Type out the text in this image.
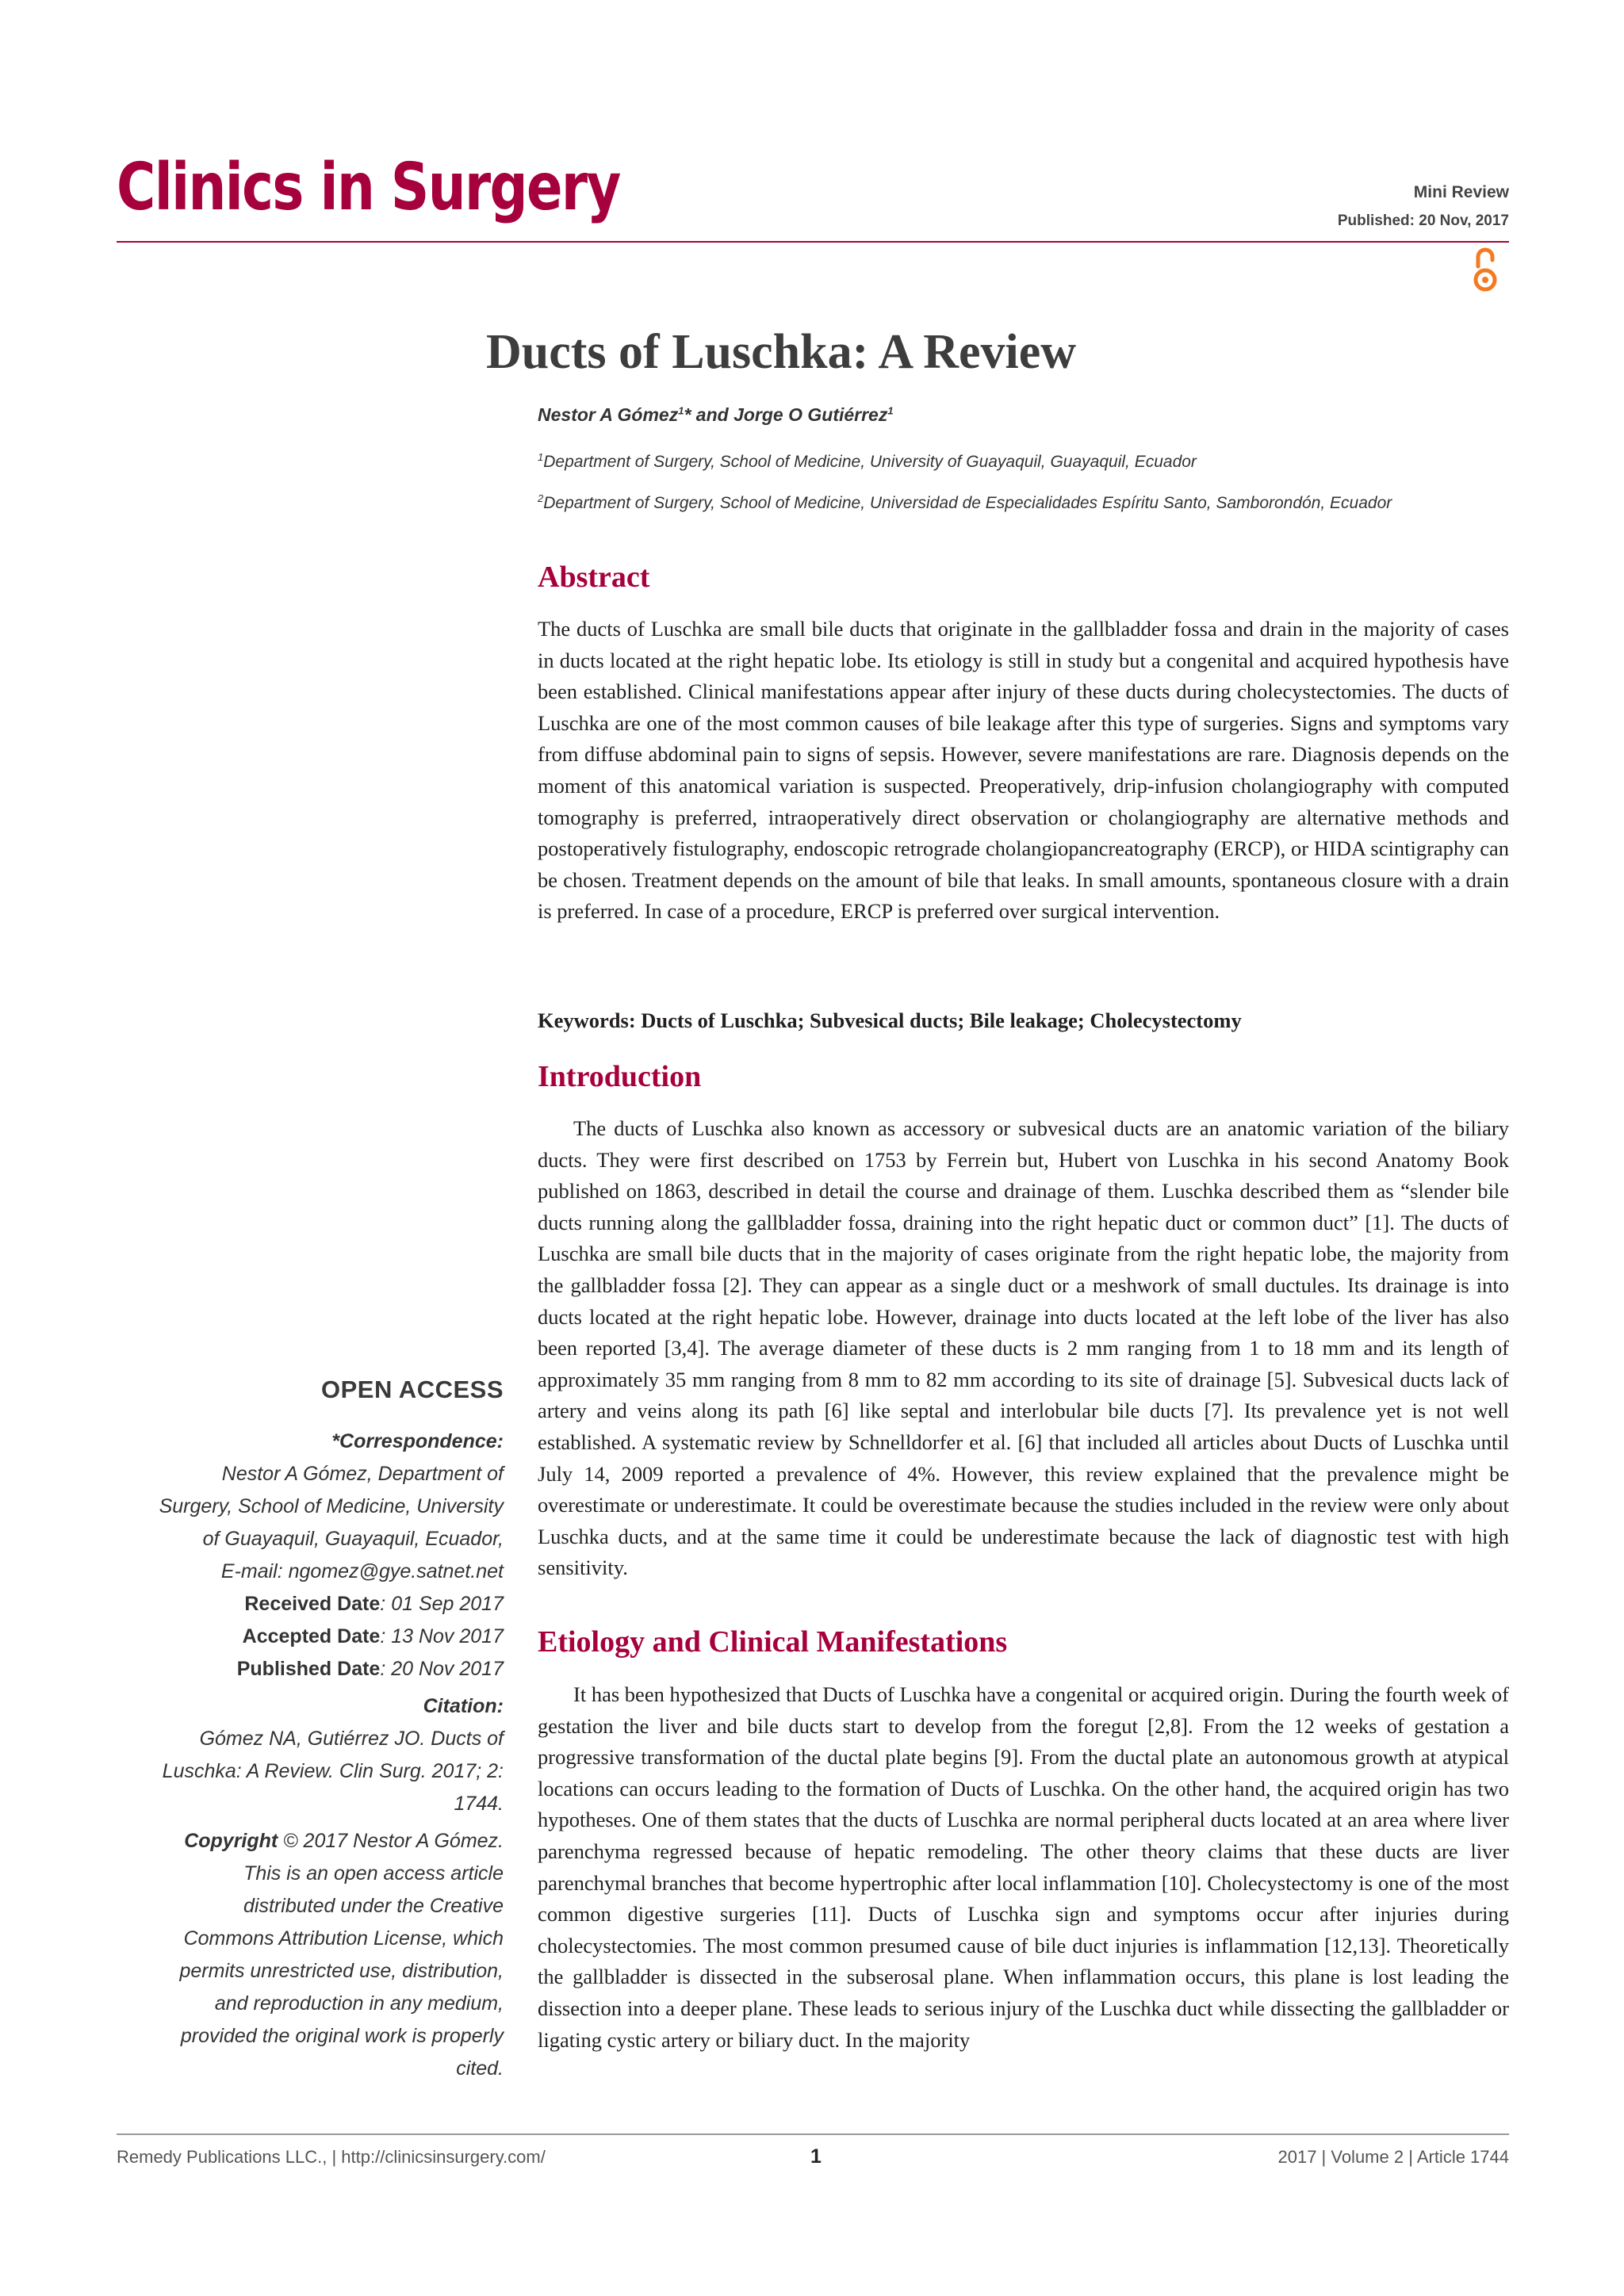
Clinics in Surgery	Mini Review
Published: 20 Nov, 2017
Ducts of Luschka: A Review
Nestor A Gómez$^1$* and Jorge O Gutiérrez$^1$
$^1$Department of Surgery, School of Medicine, University of Guayaquil, Guayaquil, Ecuador
$^2$Department of Surgery, School of Medicine, Universidad de Especialidades Espíritu Santo, Samborondón, Ecuador
Abstract

The ducts of Luschka are small bile ducts that originate in the gallbladder fossa and drain in the majority of cases in ducts located at the right hepatic lobe. Its etiology is still in study but a congenital and acquired hypothesis have been established. Clinical manifestations appear after injury of these ducts during cholecystectomies. The ducts of Luschka are one of the most common causes of bile leakage after this type of surgeries. Signs and symptoms vary from diffuse abdominal pain to signs of sepsis. However, severe manifestations are rare. Diagnosis depends on the moment of this anatomical variation is suspected. Preoperatively, drip-infusion cholangiography with computed tomography is preferred, intraoperatively direct observation or cholangiography are alternative methods and postoperatively fistulography, endoscopic retrograde cholangiopancreatography (ERCP), or HIDA scintigraphy can be chosen. Treatment depends on the amount of bile that leaks. In small amounts, spontaneous closure with a drain is preferred. In case of a procedure, ERCP is preferred over surgical intervention.

Keywords: Ducts of Luschka; Subvesical ducts; Bile leakage; Cholecystectomy
Introduction

The ducts of Luschka also known as accessory or subvesical ducts are an anatomic variation of the biliary ducts. They were first described on 1753 by Ferrein but, Hubert von Luschka in his second Anatomy Book published on 1863, described in detail the course and drainage of them. Luschka described them as “slender bile ducts running along the gallbladder fossa, draining into the right hepatic duct or common duct” [1]. The ducts of Luschka are small bile ducts that in the majority of cases originate from the right hepatic lobe, the majority from the gallbladder fossa [2]. They can appear as a single duct or a meshwork of small ductules. Its drainage is into ducts located at the right hepatic lobe. However, drainage into ducts located at the left lobe of the liver has also been reported [3,4]. The average diameter of these ducts is 2 mm ranging from 1 to 18 mm and its length of approximately 35 mm ranging from 8 mm to 82 mm according to its site of drainage [5]. Subvesical ducts lack of artery and veins along its path [6] like septal and interlobular bile ducts [7]. Its prevalence yet is not well established. A systematic review by Schnelldorfer et al. [6] that included all articles about Ducts of Luschka until July 14, 2009 reported a prevalence of 4%. However, this review explained that the prevalence might be overestimate or underestimate. It could be overestimate because the studies included in the review were only about Luschka ducts, and at the same time it could be underestimate because the lack of diagnostic test with high sensitivity.

Etiology and Clinical Manifestations

It has been hypothesized that Ducts of Luschka have a congenital or acquired origin. During the fourth week of gestation the liver and bile ducts start to develop from the foregut [2,8]. From the 12 weeks of gestation a progressive transformation of the ductal plate begins [9]. From the ductal plate an autonomous growth at atypical locations can occurs leading to the formation of Ducts of Luschka. On the other hand, the acquired origin has two hypotheses. One of them states that the ducts of Luschka are normal peripheral ducts located at an area where liver parenchyma regressed because of hepatic remodeling. The other theory claims that these ducts are liver parenchymal branches that become hypertrophic after local inflammation [10]. Cholecystectomy is one of the most common digestive surgeries [11]. Ducts of Luschka sign and symptoms occur after injuries during cholecystectomies. The most common presumed cause of bile duct injuries is inflammation [12,13]. Theoretically the gallbladder is dissected in the subserosal plane. When inflammation occurs, this plane is lost leading the dissection into a deeper plane. These leads to serious injury of the Luschka duct while dissecting the gallbladder or ligating cystic artery or biliary duct. In the majority

OPEN ACCESS
*Correspondence:
Nestor A Gómez, Department of
Surgery, School of Medicine, University
of Guayaquil, Guayaquil, Ecuador,
E-mail: ngomez@gye.satnet.net
Received Date: 01 Sep 2017
Accepted Date: 13 Nov 2017
Published Date: 20 Nov 2017
Citation:
Gómez NA, Gutiérrez JO. Ducts of
Luschka: A Review. Clin Surg. 2017; 2:
1744.
Copyright © 2017 Nestor A Gómez.
This is an open access article
distributed under the Creative
Commons Attribution License, which
permits unrestricted use, distribution,
and reproduction in any medium,
provided the original work is properly
cited.
Remedy Publications LLC., | http://clinicsinsurgery.com/	1	2017 | Volume 2 | Article 1744
